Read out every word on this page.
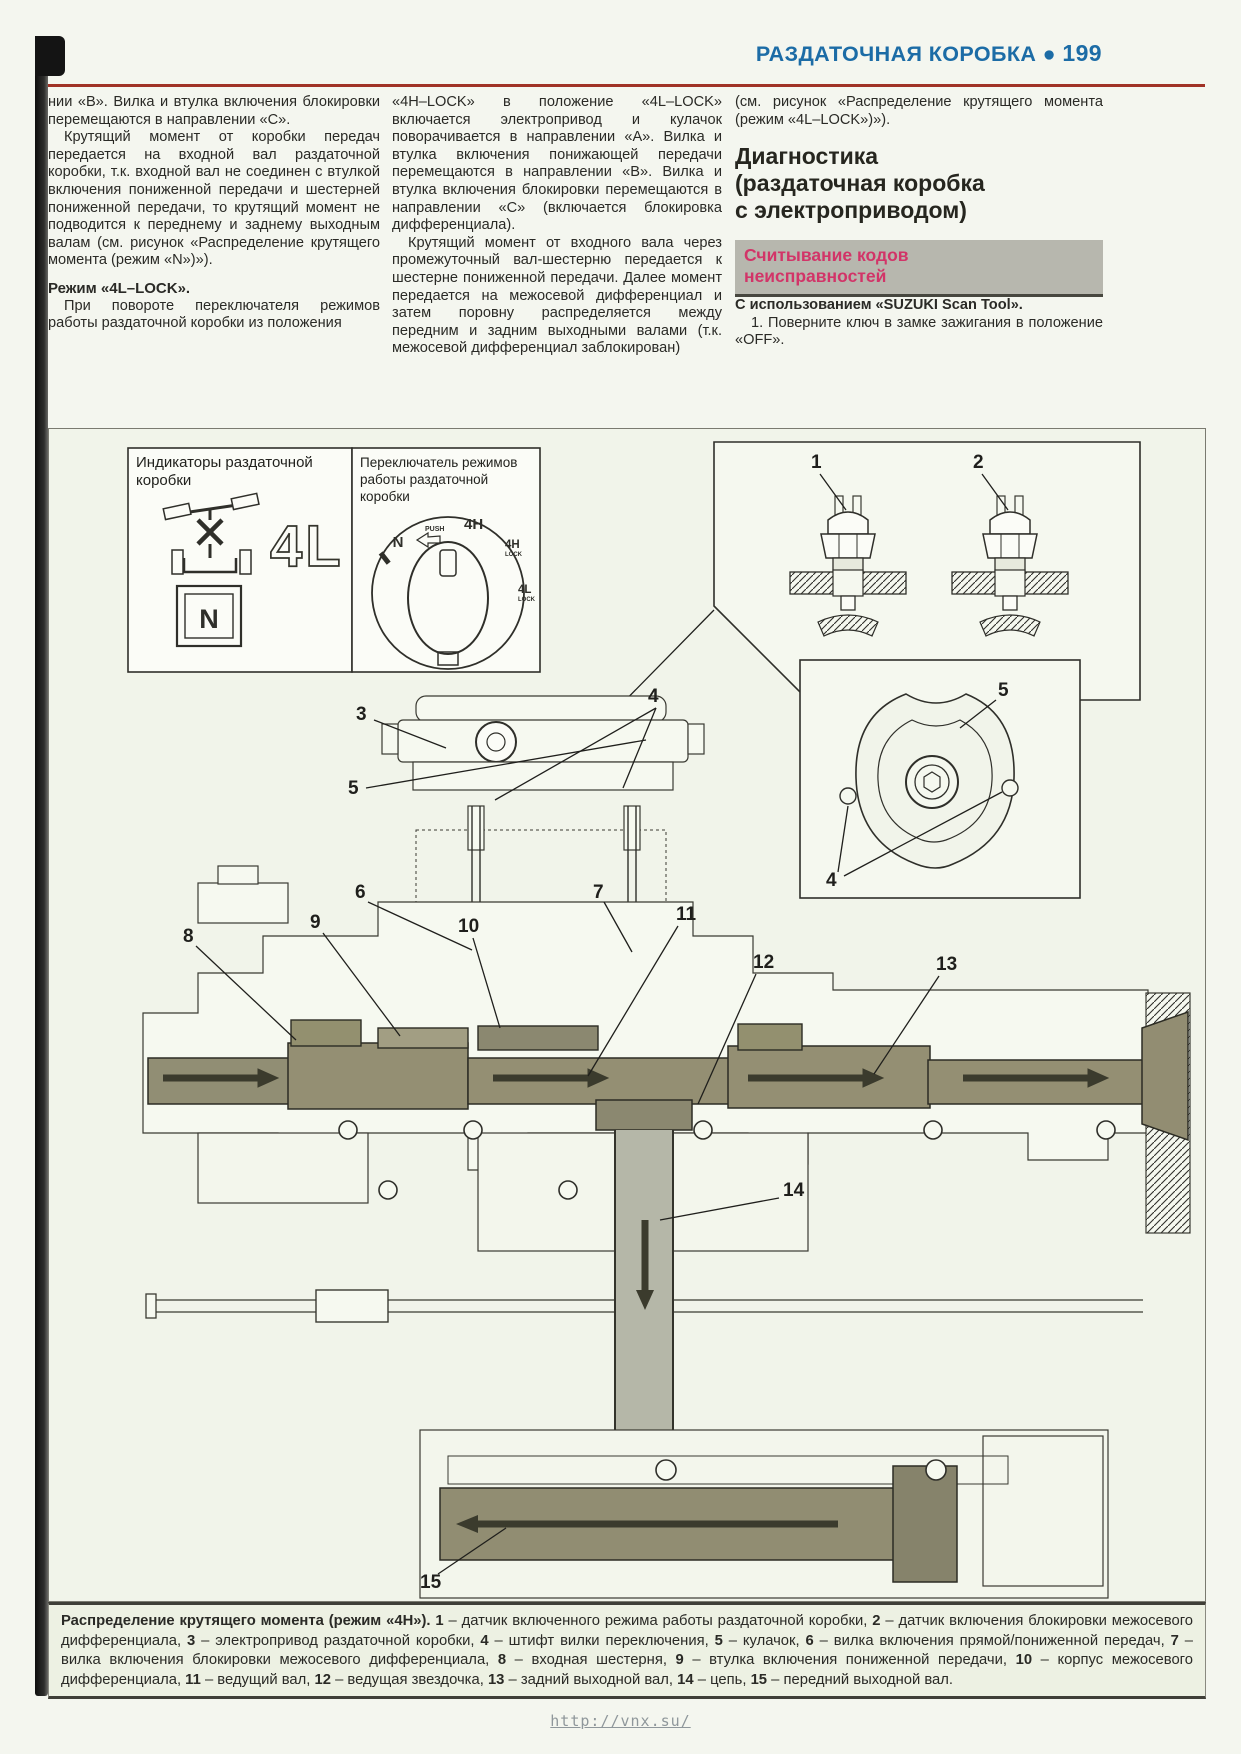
РАЗДАТОЧНАЯ КОРОБКА ● 199

нии «B». Вилка и втулка включения блокировки перемещаются в направлении «С».

Крутящий момент от коробки передач передается на входной вал раздаточной коробки, т.к. входной вал не соединен с втулкой включения пониженной передачи и шестерней пониженной передачи, то крутящий момент не подводится к переднему и заднему выходным валам (см. рисунок «Распределение крутящего момента (режим «N»)»).

Режим «4L–LOCK».

При повороте переключателя режимов работы раздаточной коробки из положения

«4H–LOCK» в положение «4L–LOCK» включается электропривод и кулачок поворачивается в направлении «А». Вилка и втулка включения понижающей передачи перемещаются в направлении «В». Вилка и втулка включения блокировки перемещаются в направлении «С» (включается блокировка дифференциала).

Крутящий момент от входного вала через промежуточный вал-шестерню передается к шестерне пониженной передачи. Далее момент передается на межосевой дифференциал и затем поровну распределяется между передним и задним выходными валами (т.к. межосевой дифференциал заблокирован)

(см. рисунок «Распределение крутящего момента (режим «4L–LOCK»)»).

Диагностика
(раздаточная коробка
с электроприводом)
Считывание кодов
неисправностей

С использованием «SUZUKI Scan Tool».

1. Поверните ключ в замке зажигания в положение «OFF».

Индикаторы раздаточной коробки
4L
N
Переключатель режимов работы раздаточной коробки
N
PUSH 4H
4H
LOCK
4L
LOCK
1	2
3
4
5
5
4
6	7
8
9	10
11
12	13
14
15
Распределение крутящего момента (режим «4Н»). 1 – датчик включенного режима работы раздаточной коробки, 2 – датчик включения блокировки межосевого дифференциала, 3 – электропривод раздаточной коробки, 4 – штифт вилки переключения, 5 – кулачок, 6 – вилка включения прямой/пониженной передач, 7 – вилка включения блокировки межосевого дифференциала, 8 – входная шестерня, 9 – втулка включения пониженной передачи, 10 – корпус межосевого дифференциала, 11 – ведущий вал, 12 – ведущая звездочка, 13 – задний выходной вал, 14 – цепь, 15 – передний выходной вал.
http://vnx.su/
